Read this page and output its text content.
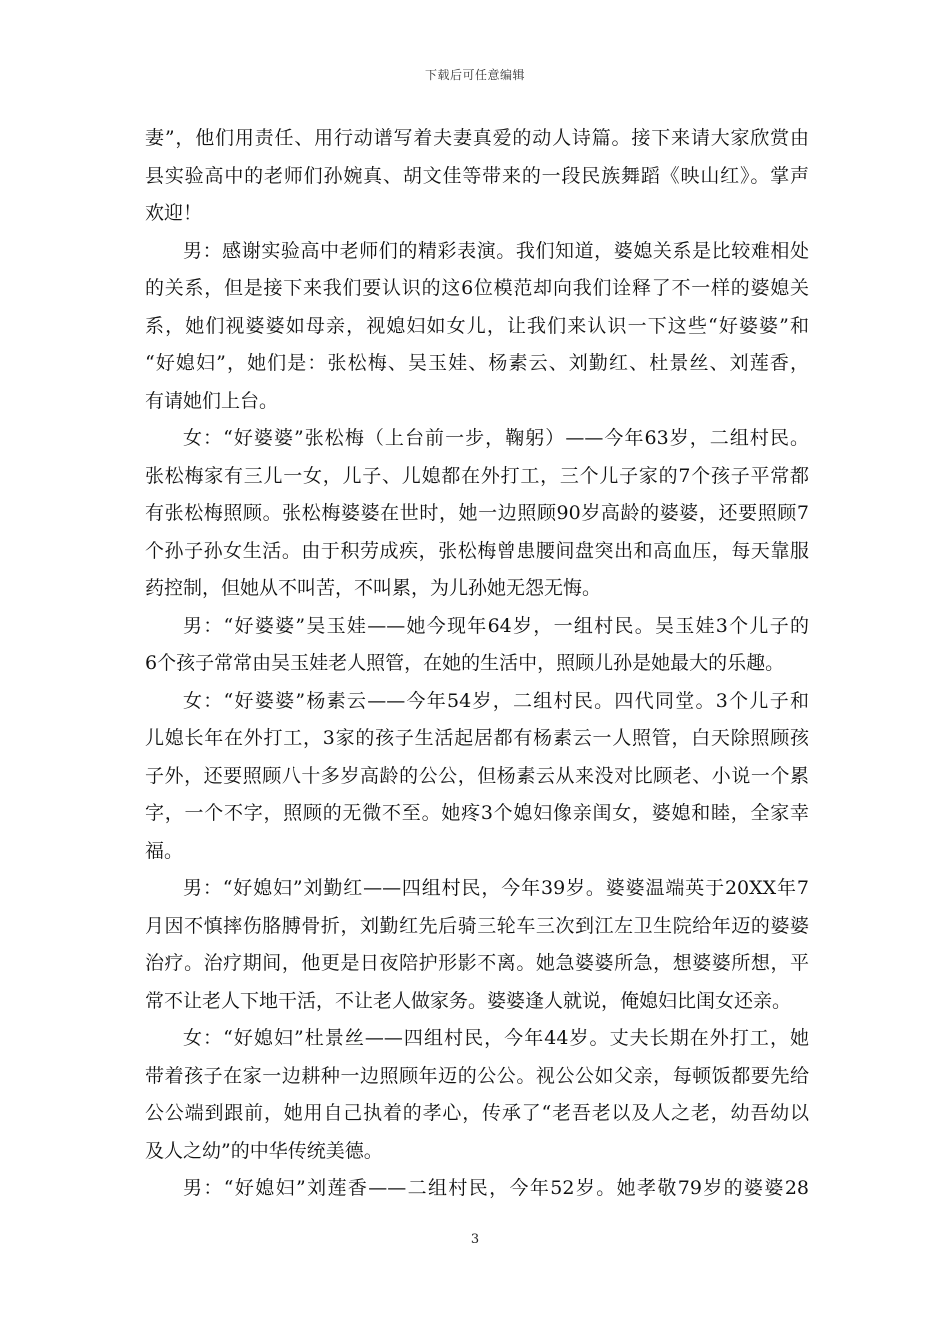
下载后可任意编辑
妻”，他们用责任、用行动谱写着夫妻真爱的动人诗篇。接下来请大家欣赏由
县实验高中的老师们孙婉真、胡文佳等带来的一段民族舞蹈《映山红》。掌声
欢迎！
男：感谢实验高中老师们的精彩表演。我们知道，婆媳关系是比较难相处
的关系，但是接下来我们要认识的这6位模范却向我们诠释了不一样的婆媳关
系，她们视婆婆如母亲，视媳妇如女儿，让我们来认识一下这些“好婆婆”和
“好媳妇”，她们是：张松梅、吴玉娃、杨素云、刘勤红、杜景丝、刘莲香，
有请她们上台。
女：“好婆婆”张松梅（上台前一步，鞠躬）——今年63岁，二组村民。
张松梅家有三儿一女，儿子、儿媳都在外打工，三个儿子家的7个孩子平常都
有张松梅照顾。张松梅婆婆在世时，她一边照顾90岁高龄的婆婆，还要照顾7
个孙子孙女生活。由于积劳成疾，张松梅曾患腰间盘突出和高血压，每天靠服
药控制，但她从不叫苦，不叫累，为儿孙她无怨无悔。
男：“好婆婆”吴玉娃——她今现年64岁，一组村民。吴玉娃3个儿子的
6个孩子常常由吴玉娃老人照管，在她的生活中，照顾儿孙是她最大的乐趣。
女：“好婆婆”杨素云——今年54岁，二组村民。四代同堂。3个儿子和
儿媳长年在外打工，3家的孩子生活起居都有杨素云一人照管，白天除照顾孩
子外，还要照顾八十多岁高龄的公公，但杨素云从来没对比顾老、小说一个累
字，一个不字，照顾的无微不至。她疼3个媳妇像亲闺女，婆媳和睦，全家幸
福。
男：“好媳妇”刘勤红——四组村民，今年39岁。婆婆温端英于20XX年7
月因不慎摔伤胳膊骨折，刘勤红先后骑三轮车三次到江左卫生院给年迈的婆婆
治疗。治疗期间，他更是日夜陪护形影不离。她急婆婆所急，想婆婆所想，平
常不让老人下地干活，不让老人做家务。婆婆逢人就说，俺媳妇比闺女还亲。
女：“好媳妇”杜景丝——四组村民，今年44岁。丈夫长期在外打工，她
带着孩子在家一边耕种一边照顾年迈的公公。视公公如父亲，每顿饭都要先给
公公端到跟前，她用自己执着的孝心，传承了“老吾老以及人之老，幼吾幼以
及人之幼”的中华传统美德。
男：“好媳妇”刘莲香——二组村民，今年52岁。她孝敬79岁的婆婆28
3
